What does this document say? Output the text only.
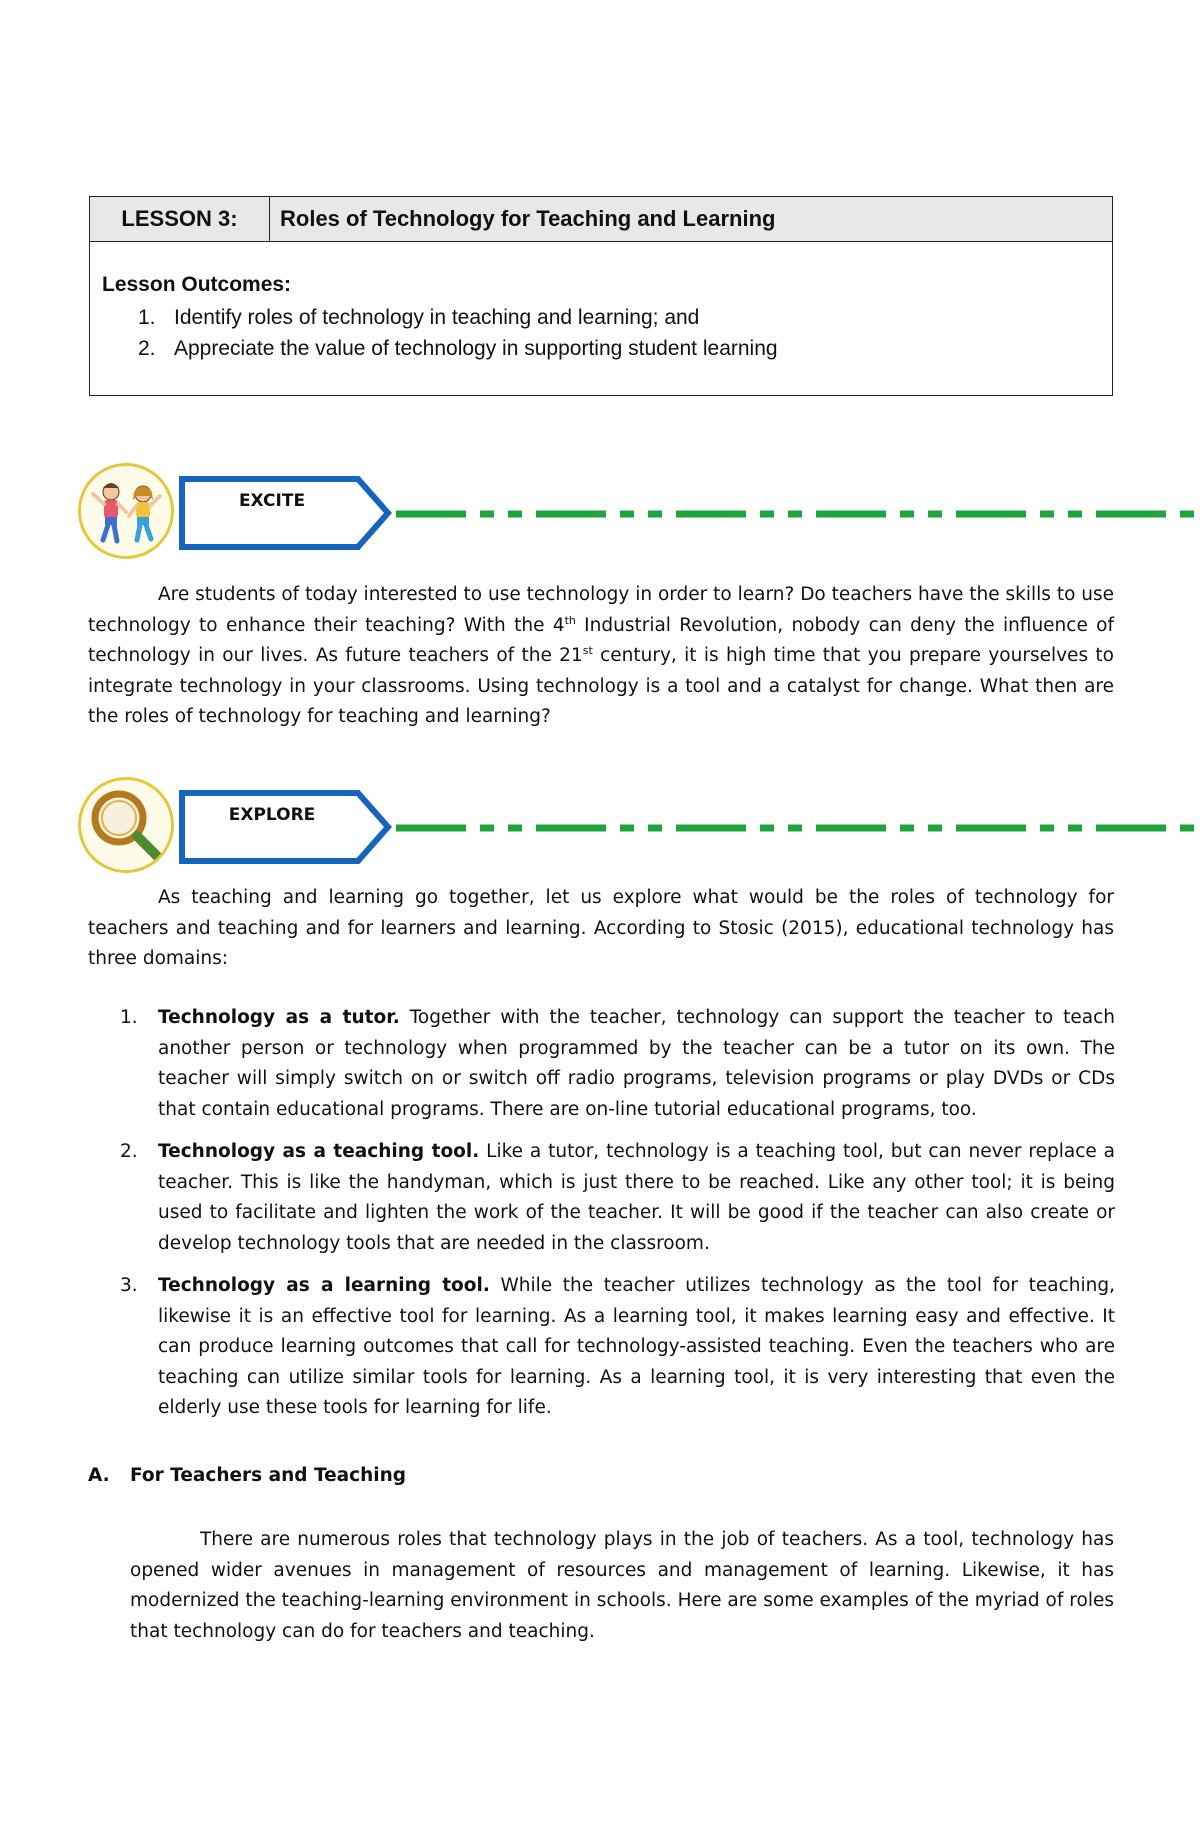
LESSON 3:	Roles of Technology for Teaching and Learning
Lesson Outcomes:
1. Identify roles of technology in teaching and learning; and
2. Appreciate the value of technology in supporting student learning
EXCITE

Are students of today interested to use technology in order to learn? Do teachers have the skills to use technology to enhance their teaching? With the 4th Industrial Revolution, nobody can deny the influence of technology in our lives. As future teachers of the 21st century, it is high time that you prepare yourselves to integrate technology in your classrooms. Using technology is a tool and a catalyst for change. What then are the roles of technology for teaching and learning?

EXPLORE

As teaching and learning go together, let us explore what would be the roles of technology for teachers and teaching and for learners and learning. According to Stosic (2015), educational technology has three domains:

1.	Technology as a tutor. Together with the teacher, technology can support the teacher to teach another person or technology when programmed by the teacher can be a tutor on its own. The teacher will simply switch on or switch off radio programs, television programs or play DVDs or CDs that contain educational programs. There are on-line tutorial educational programs, too.
2.	Technology as a teaching tool. Like a tutor, technology is a teaching tool, but can never replace a teacher. This is like the handyman, which is just there to be reached. Like any other tool; it is being used to facilitate and lighten the work of the teacher. It will be good if the teacher can also create or develop technology tools that are needed in the classroom.
3.	Technology as a learning tool. While the teacher utilizes technology as the tool for teaching, likewise it is an effective tool for learning. As a learning tool, it makes learning easy and effective. It can produce learning outcomes that call for technology-assisted teaching. Even the teachers who are teaching can utilize similar tools for learning. As a learning tool, it is very interesting that even the elderly use these tools for learning for life.
A.	For Teachers and Teaching

There are numerous roles that technology plays in the job of teachers. As a tool, technology has opened wider avenues in management of resources and management of learning. Likewise, it has modernized the teaching-learning environment in schools. Here are some examples of the myriad of roles that technology can do for teachers and teaching.
